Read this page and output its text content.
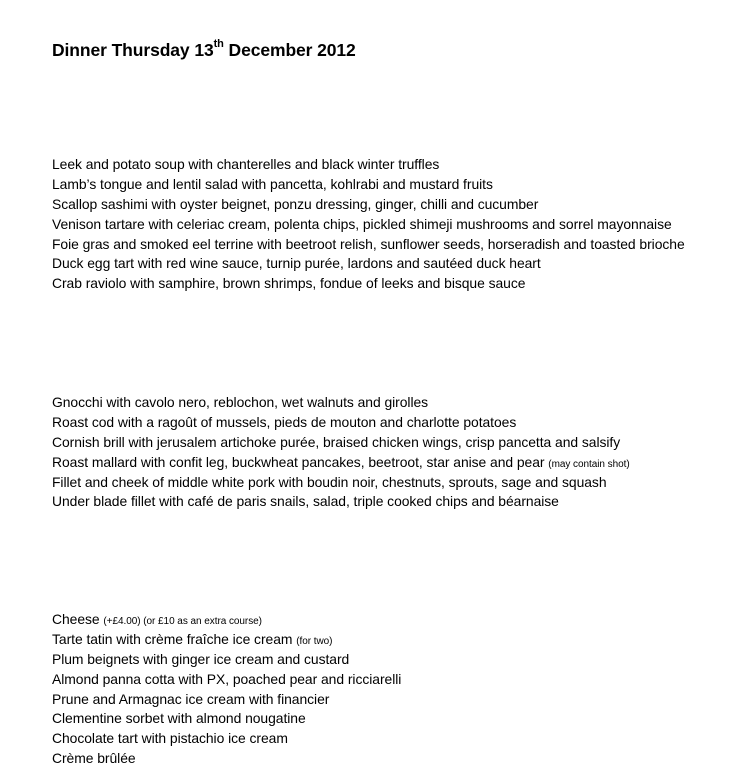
Dinner Thursday 13th December 2012
Leek and potato soup with chanterelles and black winter truffles
Lamb’s tongue and lentil salad with pancetta, kohlrabi and mustard fruits
Scallop sashimi with oyster beignet, ponzu dressing, ginger, chilli and cucumber
Venison tartare with celeriac cream, polenta chips, pickled shimeji mushrooms and sorrel mayonnaise
Foie gras and smoked eel terrine with beetroot relish, sunflower seeds, horseradish and toasted brioche
Duck egg tart with red wine sauce, turnip purée, lardons and sautéed duck heart
Crab raviolo with samphire, brown shrimps, fondue of leeks and bisque sauce
Gnocchi with cavolo nero, reblochon, wet walnuts and girolles
Roast cod with a ragoût of mussels, pieds de mouton and charlotte potatoes
Cornish brill with jerusalem artichoke purée, braised chicken wings, crisp pancetta and salsify
Roast mallard with confit leg, buckwheat pancakes, beetroot, star anise and pear (may contain shot)
Fillet and cheek of middle white pork with boudin noir, chestnuts, sprouts, sage and squash
Under blade fillet with café de paris snails, salad, triple cooked chips and béarnaise
Cheese (+£4.00) (or £10 as an extra course)
Tarte tatin with crème fraîche ice cream (for two)
Plum beignets with ginger ice cream and custard
Almond panna cotta with PX, poached pear and ricciarelli
Prune and Armagnac ice cream with financier
Clementine sorbet with almond nougatine
Chocolate tart with pistachio ice cream
Crème brûlée
